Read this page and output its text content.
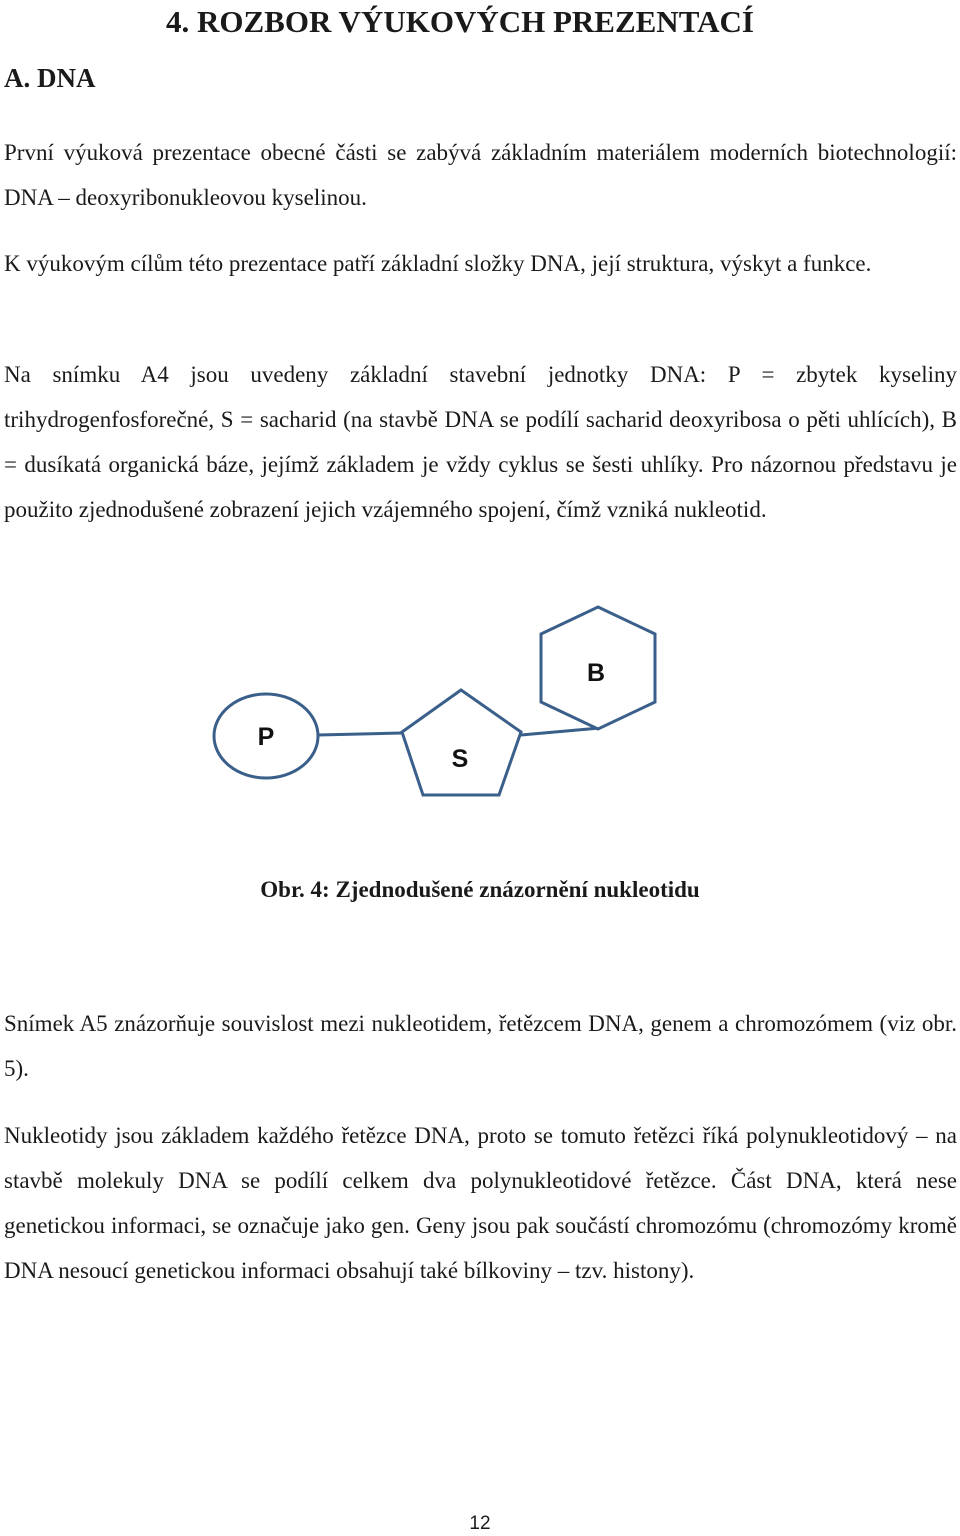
4. ROZBOR VÝUKOVÝCH PREZENTACÍ
A. DNA
První výuková prezentace obecné části se zabývá základním materiálem moderních biotechnologií: DNA – deoxyribonukleovou kyselinou.
K výukovým cílům této prezentace patří základní složky DNA, její struktura, výskyt a funkce.
Na snímku A4 jsou uvedeny základní stavební jednotky DNA: P = zbytek kyseliny trihydrogenfosforečné, S = sacharid (na stavbě DNA se podílí sacharid deoxyribosa o pěti uhlících), B = dusíkatá organická báze, jejímž základem je vždy cyklus se šesti uhlíky. Pro názornou představu je použito zjednodušené zobrazení jejich vzájemného spojení, čímž vzniká nukleotid.
P
S
B
Obr. 4: Zjednodušené znázornění nukleotidu
Snímek A5 znázorňuje souvislost mezi nukleotidem, řetězcem DNA, genem a chromozómem (viz obr. 5).
Nukleotidy jsou základem každého řetězce DNA, proto se tomuto řetězci říká polynukleotidový – na stavbě molekuly DNA se podílí celkem dva polynukleotidové řetězce. Část DNA, která nese genetickou informaci, se označuje jako gen. Geny jsou pak součástí chromozómu (chromozómy kromě DNA nesoucí genetickou informaci obsahují také bílkoviny – tzv. histony).
12
